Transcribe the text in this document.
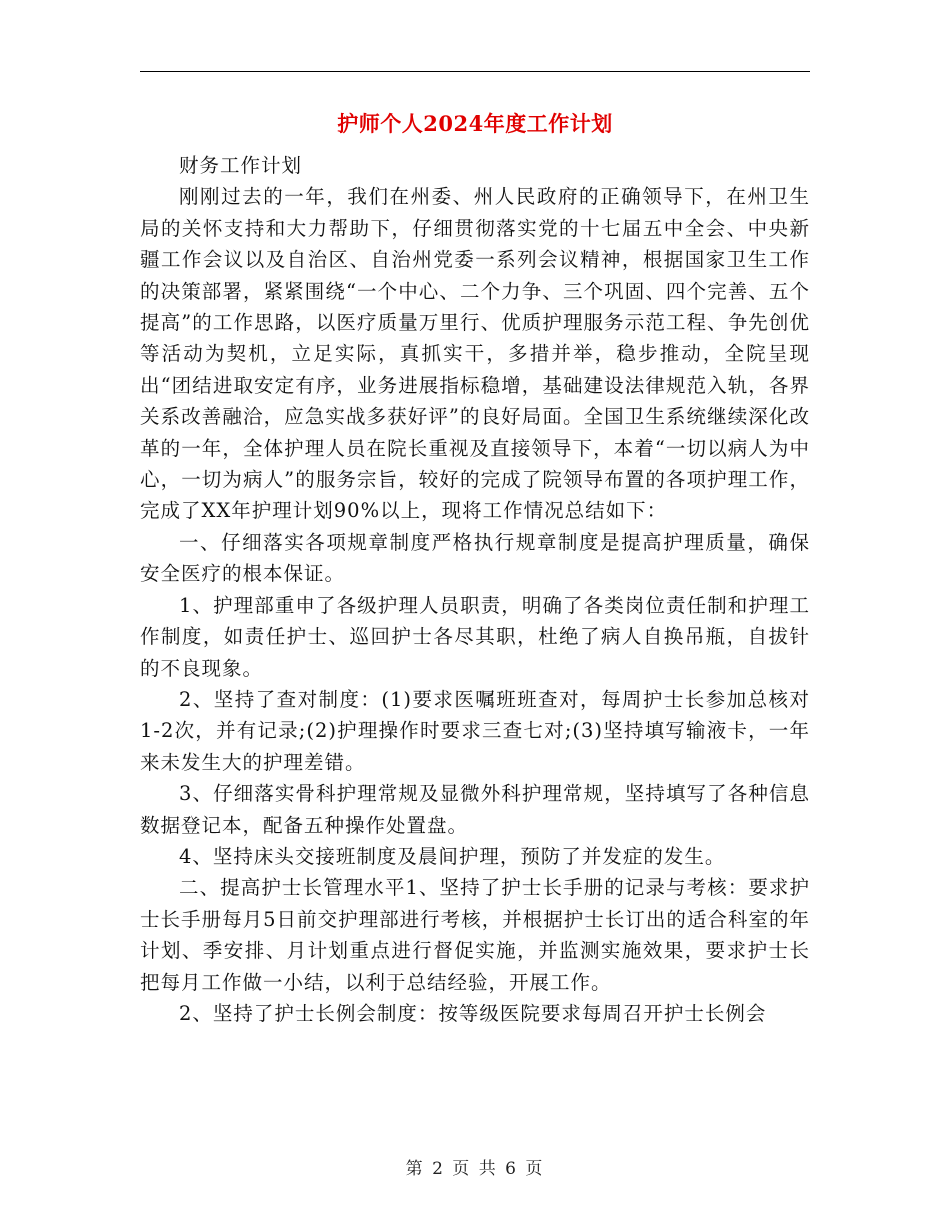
护师个人2024年度工作计划

财务工作计划

刚刚过去的一年，我们在州委、州人民政府的正确领导下，在州卫生局的关怀支持和大力帮助下，仔细贯彻落实党的十七届五中全会、中央新疆工作会议以及自治区、自治州党委一系列会议精神，根据国家卫生工作的决策部署，紧紧围绕“一个中心、二个力争、三个巩固、四个完善、五个提高”的工作思路，以医疗质量万里行、优质护理服务示范工程、争先创优等活动为契机，立足实际，真抓实干，多措并举，稳步推动，全院呈现出“团结进取安定有序，业务进展指标稳增，基础建设法律规范入轨，各界关系改善融洽，应急实战多获好评”的良好局面。全国卫生系统继续深化改革的一年，全体护理人员在院长重视及直接领导下，本着“一切以病人为中心，一切为病人”的服务宗旨，较好的完成了院领导布置的各项护理工作，完成了XX年护理计划90%以上，现将工作情况总结如下：

一、仔细落实各项规章制度严格执行规章制度是提高护理质量，确保安全医疗的根本保证。

1、护理部重申了各级护理人员职责，明确了各类岗位责任制和护理工作制度，如责任护士、巡回护士各尽其职，杜绝了病人自换吊瓶，自拔针的不良现象。

2、坚持了查对制度：(1)要求医嘱班班查对，每周护士长参加总核对1-2次，并有记录;(2)护理操作时要求三查七对;(3)坚持填写输液卡，一年来未发生大的护理差错。

3、仔细落实骨科护理常规及显微外科护理常规，坚持填写了各种信息数据登记本，配备五种操作处置盘。

4、坚持床头交接班制度及晨间护理，预防了并发症的发生。

二、提高护士长管理水平1、坚持了护士长手册的记录与考核：要求护士长手册每月5日前交护理部进行考核，并根据护士长订出的适合科室的年计划、季安排、月计划重点进行督促实施，并监测实施效果，要求护士长把每月工作做一小结，以利于总结经验，开展工作。

2、坚持了护士长例会制度：按等级医院要求每周召开护士长例会

第 2 页 共 6 页
